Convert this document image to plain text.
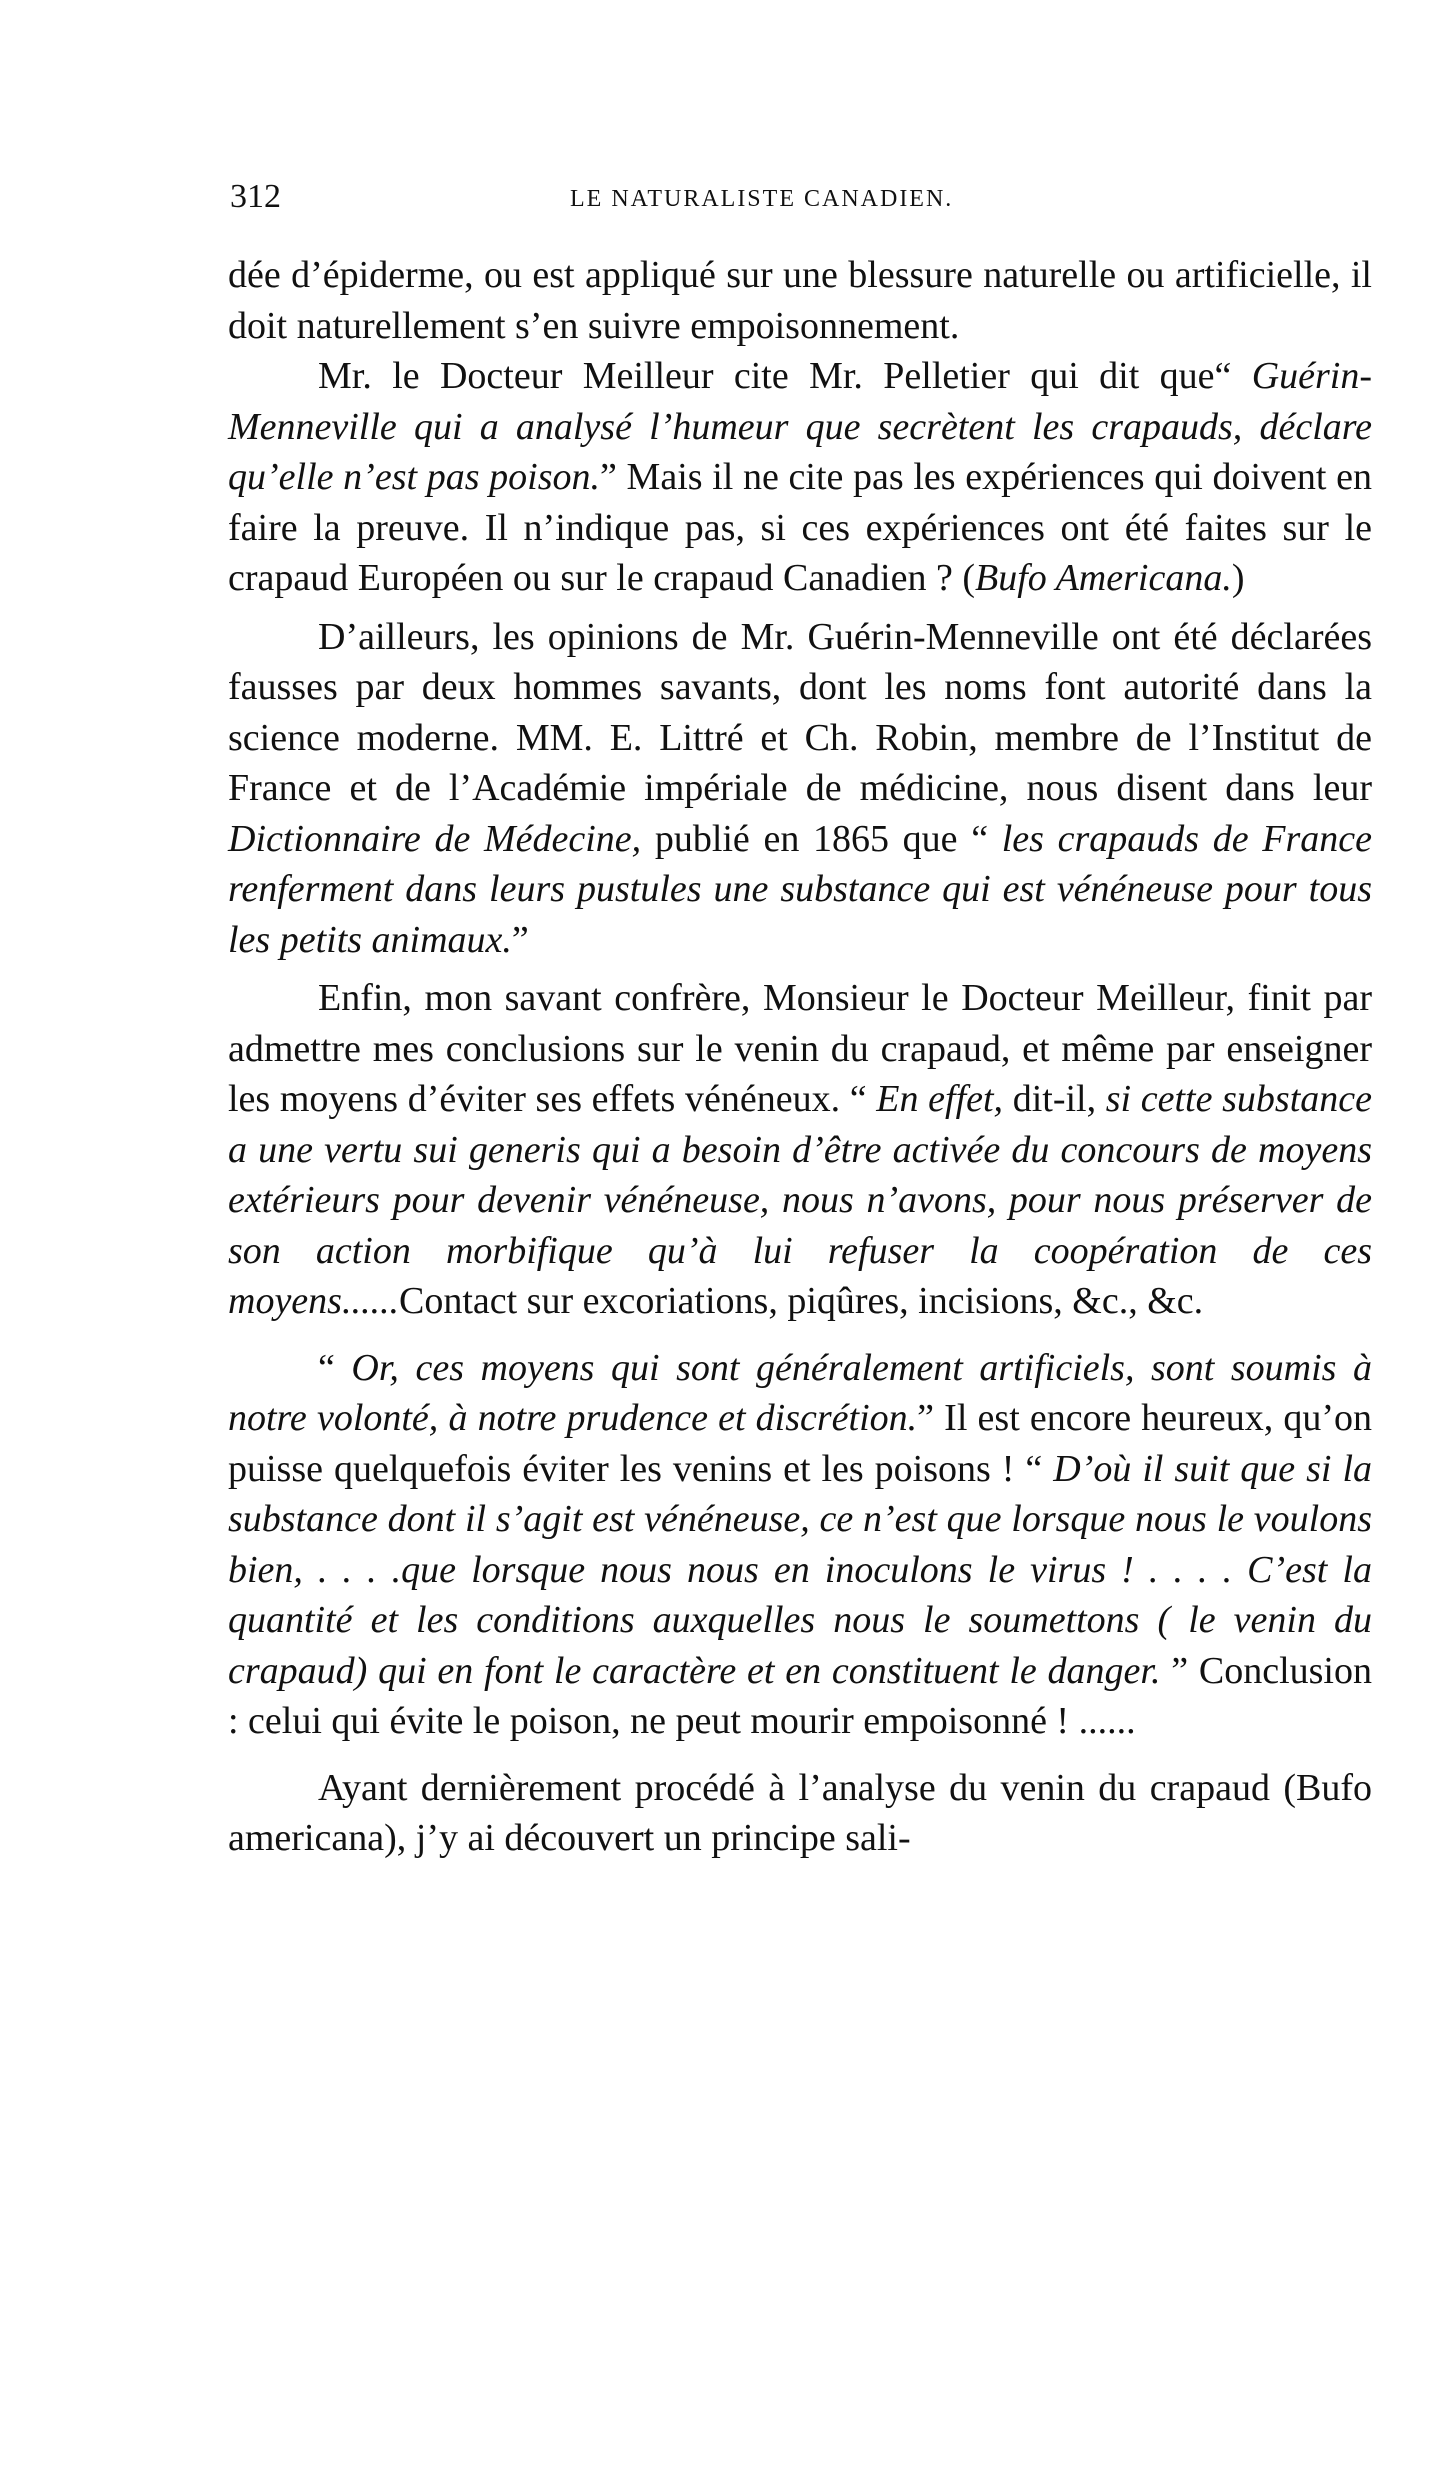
312	LE NATURALISTE CANADIEN.

dée d’épiderme, ou est appliqué sur une blessure naturelle ou artificielle, il doit naturellement s’en suivre empoisonnement.

Mr. le Docteur Meilleur cite Mr. Pelletier qui dit que“ Guérin-Menneville qui a analysé l’humeur que secrètent les crapauds, déclare qu’elle n’est pas poison.” Mais il ne cite pas les expériences qui doivent en faire la preuve. Il n’indique pas, si ces expériences ont été faites sur le crapaud Européen ou sur le crapaud Canadien ? (Bufo Americana.)

D’ailleurs, les opinions de Mr. Guérin-Menneville ont été déclarées fausses par deux hommes savants, dont les noms font autorité dans la science moderne. MM. E. Littré et Ch. Robin, membre de l’Institut de France et de l’Académie impériale de médicine, nous disent dans leur Dictionnaire de Médecine, publié en 1865 que “ les crapauds de France renferment dans leurs pustules une substance qui est vénéneuse pour tous les petits animaux.”

Enfin, mon savant confrère, Monsieur le Docteur Meilleur, finit par admettre mes conclusions sur le venin du crapaud, et même par enseigner les moyens d’éviter ses effets vénéneux. “ En effet, dit-il, si cette substance a une vertu sui generis qui a besoin d’être activée du concours de moyens extérieurs pour devenir vénéneuse, nous n’avons, pour nous préserver de son action morbifique qu’à lui refuser la coopération de ces moyens......Contact sur excoriations, piqûres, incisions, &c., &c.

“ Or, ces moyens qui sont généralement artificiels, sont soumis à notre volonté, à notre prudence et discrétion.” Il est encore heureux, qu’on puisse quelquefois éviter les venins et les poisons ! “ D’où il suit que si la substance dont il s’agit est vénéneuse, ce n’est que lorsque nous le voulons bien, . . . .que lorsque nous nous en inoculons le virus ! . . . . C’est la quantité et les conditions auxquelles nous le soumettons ( le venin du crapaud) qui en font le caractère et en constituent le danger. ” Conclusion : celui qui évite le poison, ne peut mourir empoisonné ! ......

Ayant dernièrement procédé à l’analyse du venin du crapaud (Bufo americana), j’y ai découvert un principe sali-
